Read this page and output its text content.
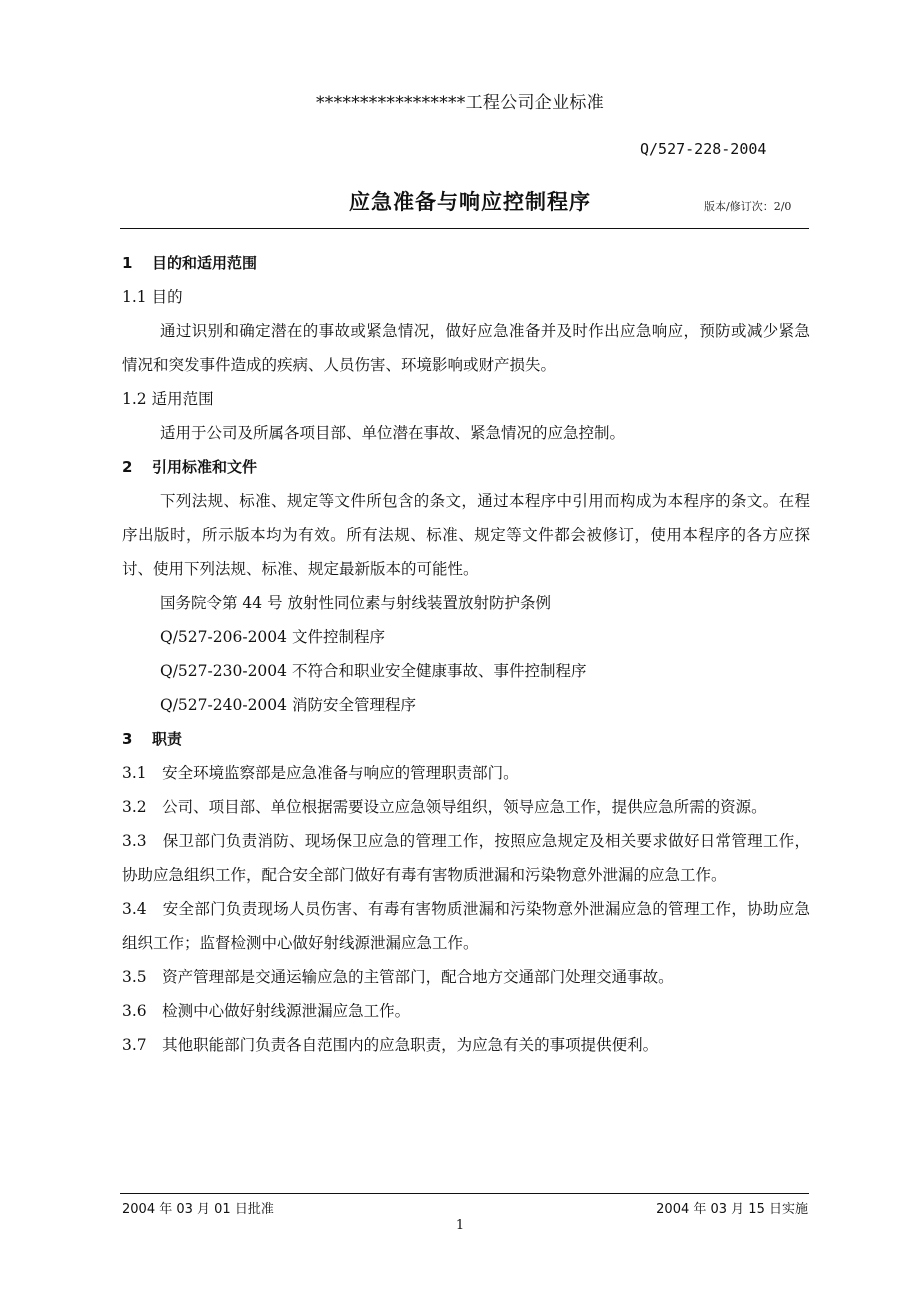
*****************工程公司企业标准
Q/527-228-2004
应急准备与响应控制程序	版本/修订次：2/0

1 目的和适用范围

1.1 目的

通过识别和确定潜在的事故或紧急情况，做好应急准备并及时作出应急响应，预防或减少紧急情况和突发事件造成的疾病、人员伤害、环境影响或财产损失。

1.2 适用范围

适用于公司及所属各项目部、单位潜在事故、紧急情况的应急控制。

2 引用标准和文件

下列法规、标准、规定等文件所包含的条文，通过本程序中引用而构成为本程序的条文。在程序出版时，所示版本均为有效。所有法规、标准、规定等文件都会被修订，使用本程序的各方应探讨、使用下列法规、标准、规定最新版本的可能性。

国务院令第 44 号 放射性同位素与射线装置放射防护条例

Q/527-206-2004 文件控制程序

Q/527-230-2004 不符合和职业安全健康事故、事件控制程序

Q/527-240-2004 消防安全管理程序

3 职责

3.1　安全环境监察部是应急准备与响应的管理职责部门。

3.2　公司、项目部、单位根据需要设立应急领导组织，领导应急工作，提供应急所需的资源。

3.3　保卫部门负责消防、现场保卫应急的管理工作，按照应急规定及相关要求做好日常管理工作，协助应急组织工作，配合安全部门做好有毒有害物质泄漏和污染物意外泄漏的应急工作。

3.4　安全部门负责现场人员伤害、有毒有害物质泄漏和污染物意外泄漏应急的管理工作，协助应急组织工作；监督检测中心做好射线源泄漏应急工作。

3.5　资产管理部是交通运输应急的主管部门，配合地方交通部门处理交通事故。

3.6　检测中心做好射线源泄漏应急工作。

3.7　其他职能部门负责各自范围内的应急职责，为应急有关的事项提供便利。

2004 年 03 月 01 日批准	2004 年 03 月 15 日实施
1
